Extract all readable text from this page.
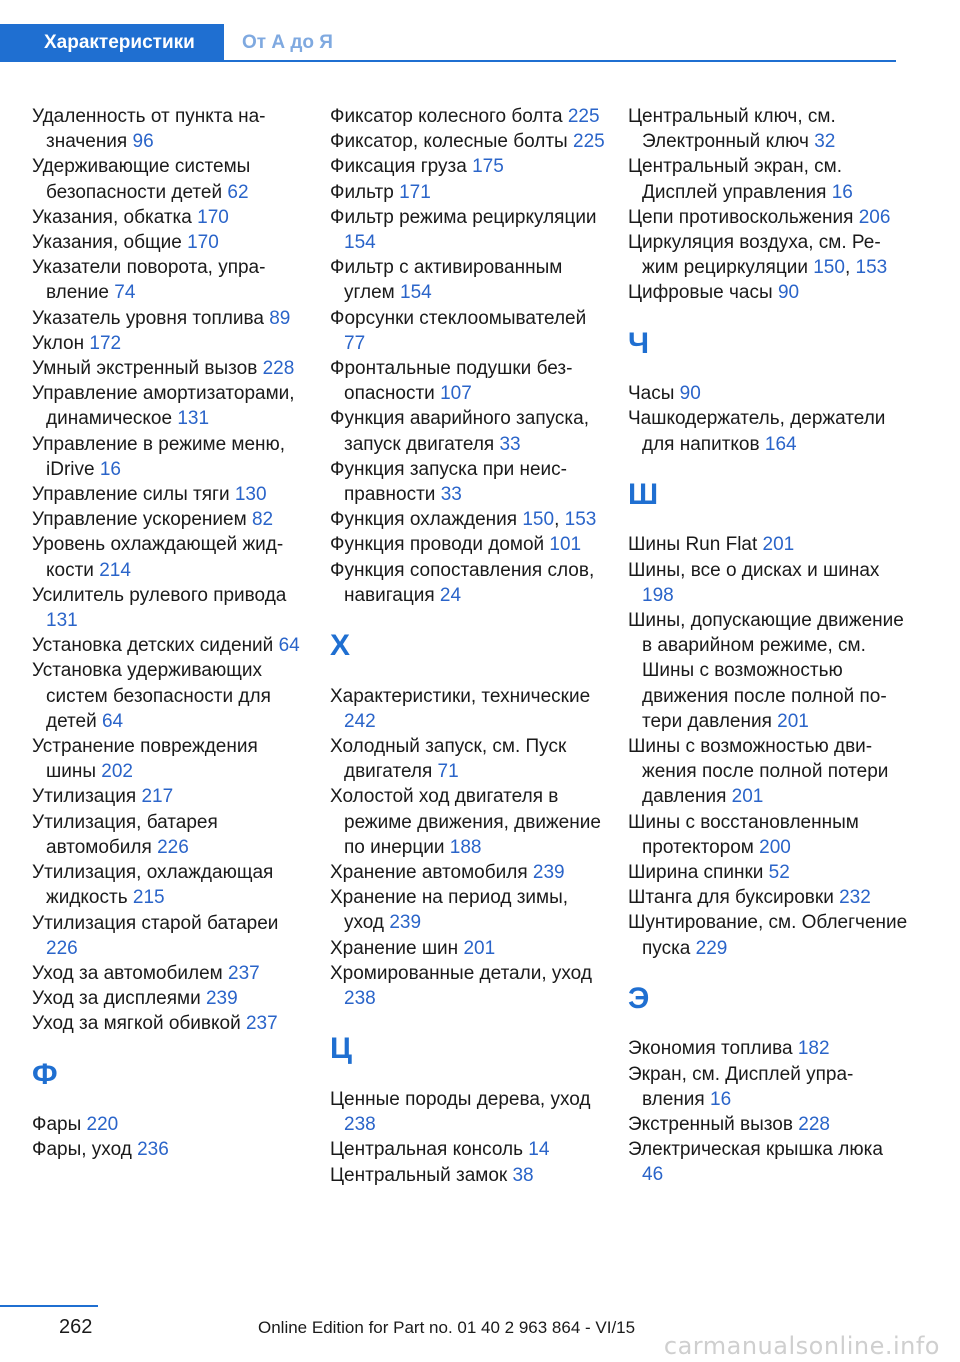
Характеристики От А до Я
Удаленность от пункта назначения 96
Удерживающие системы безопасности детей 62
Указания, обкатка 170
Указания, общие 170
Указатели поворота, управление 74
Указатель уровня топлива 89
Уклон 172
Умный экстренный вызов 228
Управление амортизаторами, динамическое 131
Управление в режиме меню, iDrive 16
Управление силы тяги 130
Управление ускорением 82
Уровень охлаждающей жидкости 214
Усилитель рулевого привода 131
Установка детских сидений 64
Установка удерживающих систем безопасности для детей 64
Устранение повреждения шины 202
Утилизация 217
Утилизация, батарея автомобиля 226
Утилизация, охлаждающая жидкость 215
Утилизация старой батареи 226
Уход за автомобилем 237
Уход за дисплеями 239
Уход за мягкой обивкой 237
Ф
Фары 220
Фары, уход 236
Фиксатор колесного болта 225
Фиксатор, колесные болты 225
Фиксация груза 175
Фильтр 171
Фильтр режима рециркуляции 154
Фильтр с активированным углем 154
Форсунки стеклоомывателей 77
Фронтальные подушки безопасности 107
Функция аварийного запуска, запуск двигателя 33
Функция запуска при неисправности 33
Функция охлаждения 150, 153
Функция проводи домой 101
Функция сопоставления слов, навигация 24
Х
Характеристики, технические 242
Холодный запуск, см. Пуск двигателя 71
Холостой ход двигателя в режиме движения, движение по инерции 188
Хранение автомобиля 239
Хранение на период зимы, уход 239
Хранение шин 201
Хромированные детали, уход 238
Ц
Ценные породы дерева, уход 238
Центральная консоль 14
Центральный замок 38
Центральный ключ, см. Электронный ключ 32
Центральный экран, см. Дисплей управления 16
Цепи противоскольжения 206
Циркуляция воздуха, см. Режим рециркуляции 150, 153
Цифровые часы 90
Ч
Часы 90
Чашкодержатель, держатели для напитков 164
Ш
Шины Run Flat 201
Шины, все о дисках и шинах 198
Шины, допускающие движение в аварийном режиме, см. Шины с возможностью движения после полной потери давления 201
Шины с возможностью движения после полной потери давления 201
Шины с восстановленным протектором 200
Ширина спинки 52
Штанга для буксировки 232
Шунтирование, см. Облегчение пуска 229
Э
Экономия топлива 182
Экран, см. Дисплей управления 16
Экстренный вызов 228
Электрическая крышка люка 46
262	Online Edition for Part no. 01 40 2 963 864 - VI/15
carmanualsonline.info
